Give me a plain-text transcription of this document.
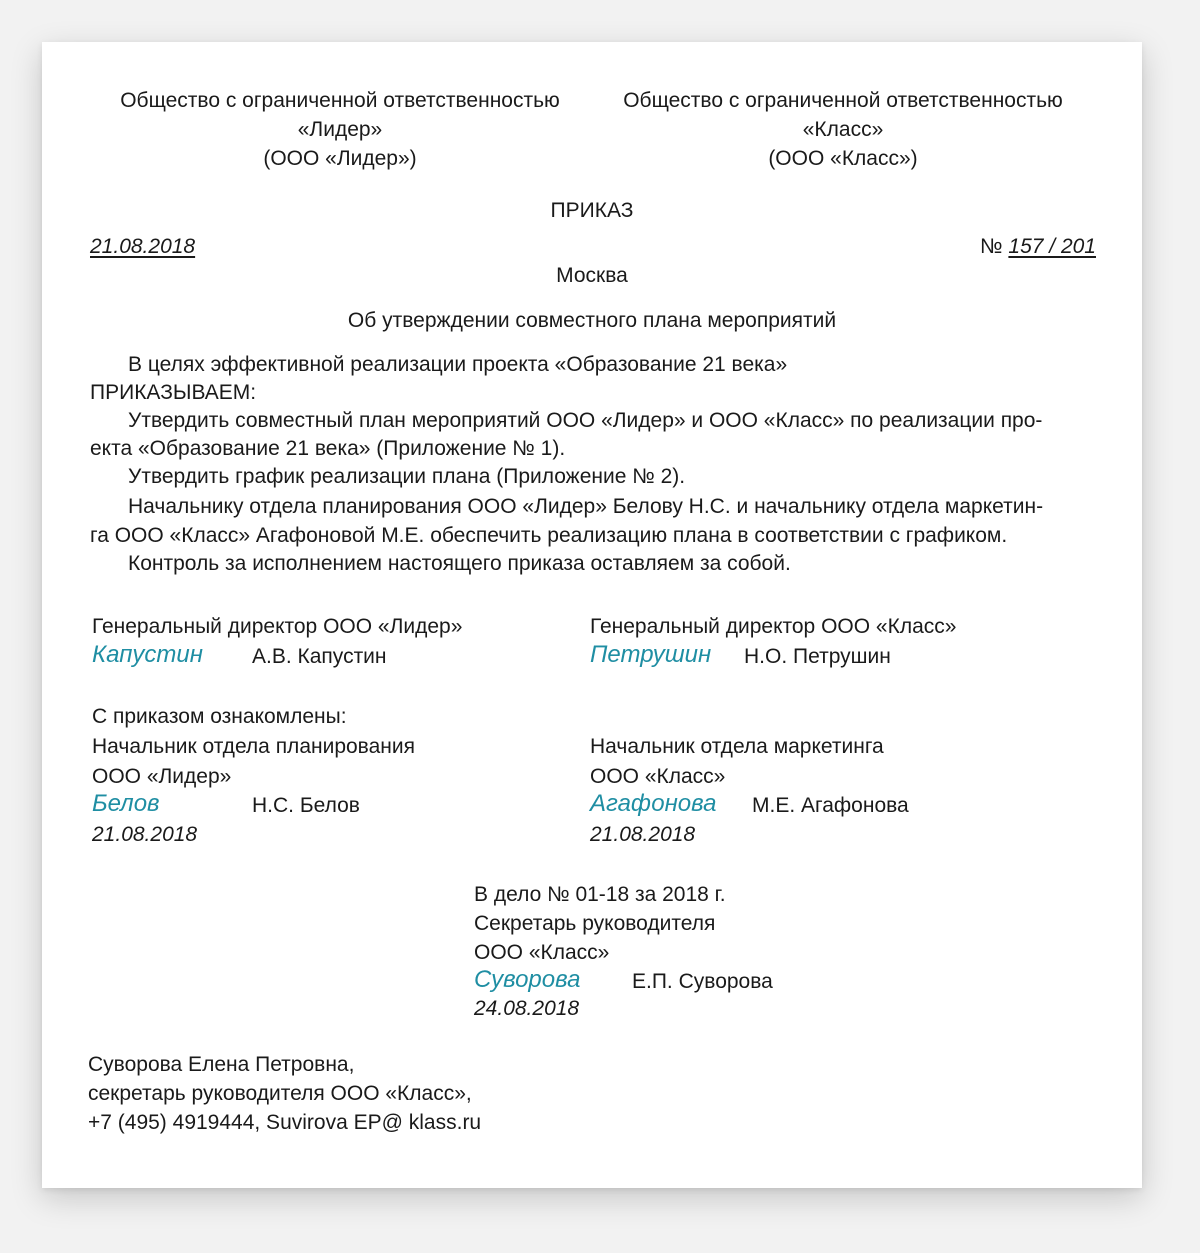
Общество с ограниченной ответственностью
«Лидер»
(ООО «Лидер»)
Общество с ограниченной ответственностью
«Класс»
(ООО «Класс»)
ПРИКАЗ
21.08.2018	№ 157 / 201
Москва
Об утверждении совместного плана мероприятий
В целях эффективной реализации проекта «Образование 21 века»
ПРИКАЗЫВАЕМ:
Утвердить совместный план мероприятий ООО «Лидер» и ООО «Класс» по реализации про-
екта «Образование 21 века» (Приложение № 1).
Утвердить график реализации плана (Приложение № 2).
Начальнику отдела планирования ООО «Лидер» Белову Н.С. и начальнику отдела маркетин-
га ООО «Класс» Агафоновой М.Е. обеспечить реализацию плана в соответствии с графиком.
Контроль за исполнением настоящего приказа оставляем за собой.
Генеральный директор ООО «Лидер»
Капустин А.В. Капустин
Генеральный директор ООО «Класс»
Петрушин Н.О. Петрушин
С приказом ознакомлены:
Начальник отдела планирования
ООО «Лидер»
Белов	Н.С. Белов
21.08.2018
Начальник отдела маркетинга
ООО «Класс»
Агафонова М.Е. Агафонова
21.08.2018
В дело № 01-18 за 2018 г.
Секретарь руководителя
ООО «Класс»
Суворова Е.П. Суворова
24.08.2018
Суворова Елена Петровна,
секретарь руководителя ООО «Класс»,
+7 (495) 4919444, Suvirova EP@ klass.ru
